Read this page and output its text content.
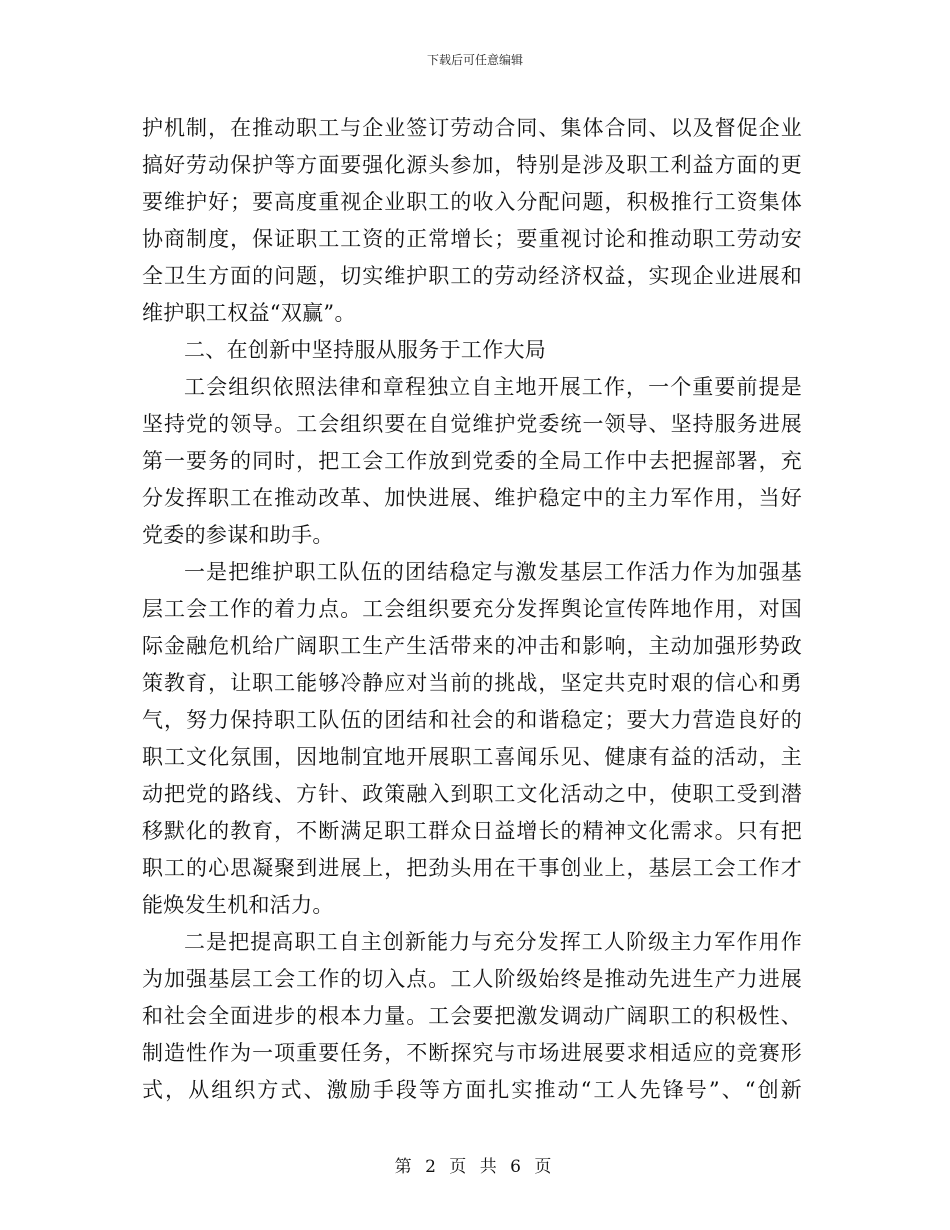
下载后可任意编辑
护机制，在推动职工与企业签订劳动合同、集体合同、以及督促企业
搞好劳动保护等方面要强化源头参加，特别是涉及职工利益方面的更
要维护好；要高度重视企业职工的收入分配问题，积极推行工资集体
协商制度，保证职工工资的正常增长；要重视讨论和推动职工劳动安
全卫生方面的问题，切实维护职工的劳动经济权益，实现企业进展和
维护职工权益“双赢”。
二、在创新中坚持服从服务于工作大局
工会组织依照法律和章程独立自主地开展工作，一个重要前提是
坚持党的领导。工会组织要在自觉维护党委统一领导、坚持服务进展
第一要务的同时，把工会工作放到党委的全局工作中去把握部署，充
分发挥职工在推动改革、加快进展、维护稳定中的主力军作用，当好
党委的参谋和助手。
一是把维护职工队伍的团结稳定与激发基层工作活力作为加强基
层工会工作的着力点。工会组织要充分发挥舆论宣传阵地作用，对国
际金融危机给广阔职工生产生活带来的冲击和影响，主动加强形势政
策教育，让职工能够冷静应对当前的挑战，坚定共克时艰的信心和勇
气，努力保持职工队伍的团结和社会的和谐稳定；要大力营造良好的
职工文化氛围，因地制宜地开展职工喜闻乐见、健康有益的活动，主
动把党的路线、方针、政策融入到职工文化活动之中，使职工受到潜
移默化的教育，不断满足职工群众日益增长的精神文化需求。只有把
职工的心思凝聚到进展上，把劲头用在干事创业上，基层工会工作才
能焕发生机和活力。
二是把提高职工自主创新能力与充分发挥工人阶级主力军作用作
为加强基层工会工作的切入点。工人阶级始终是推动先进生产力进展
和社会全面进步的根本力量。工会要把激发调动广阔职工的积极性、
制造性作为一项重要任务，不断探究与市场进展要求相适应的竞赛形
式，从组织方式、激励手段等方面扎实推动“工人先锋号”、“创新
第 2 页 共 6 页
